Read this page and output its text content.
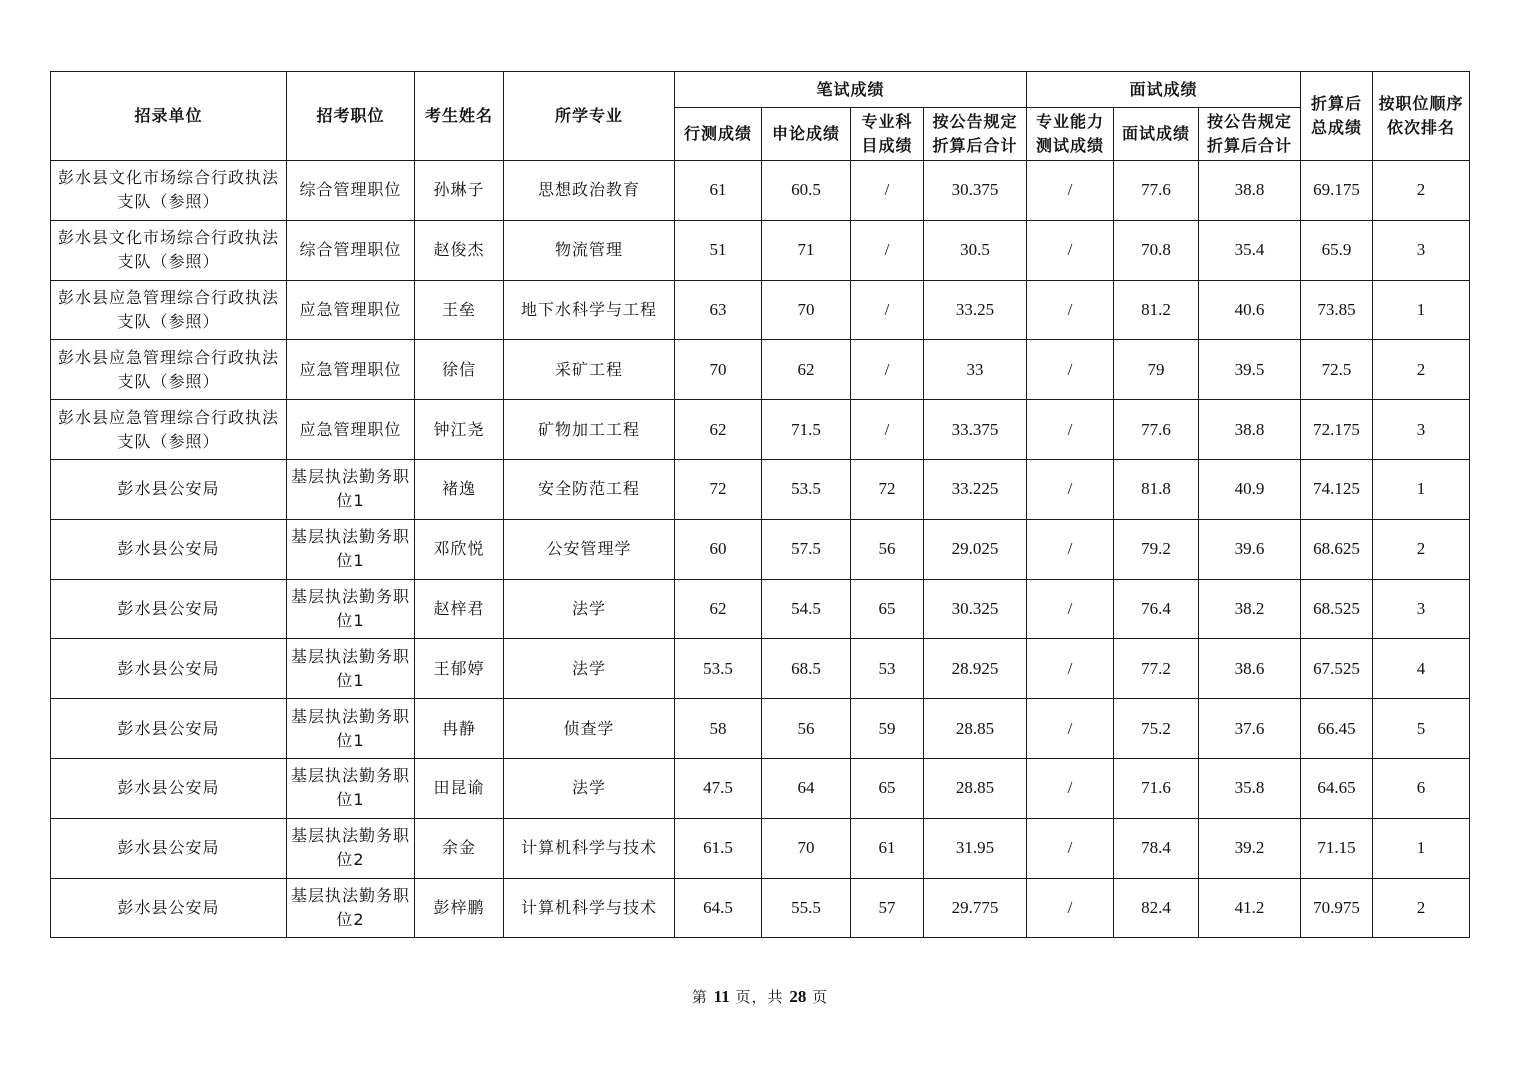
招录单位	招考职位	考生姓名	所学专业	笔试成绩				面试成绩			折算后总成绩	按职位顺序依次排名
				行测成绩	申论成绩	专业科目成绩	按公告规定折算后合计	专业能力测试成绩	面试成绩	按公告规定折算后合计		
彭水县文化市场综合行政执法支队（参照）	综合管理职位	孙琳子	思想政治教育	61	60.5	/	30.375	/	77.6	38.8	69.175	2
彭水县文化市场综合行政执法支队（参照）	综合管理职位	赵俊杰	物流管理	51	71	/	30.5	/	70.8	35.4	65.9	3
彭水县应急管理综合行政执法支队（参照）	应急管理职位	王垒	地下水科学与工程	63	70	/	33.25	/	81.2	40.6	73.85	1
彭水县应急管理综合行政执法支队（参照）	应急管理职位	徐信	采矿工程	70	62	/	33	/	79	39.5	72.5	2
彭水县应急管理综合行政执法支队（参照）	应急管理职位	钟江尧	矿物加工工程	62	71.5	/	33.375	/	77.6	38.8	72.175	3
彭水县公安局	基层执法勤务职位1	褚逸	安全防范工程	72	53.5	72	33.225	/	81.8	40.9	74.125	1
彭水县公安局	基层执法勤务职位1	邓欣悦	公安管理学	60	57.5	56	29.025	/	79.2	39.6	68.625	2
彭水县公安局	基层执法勤务职位1	赵梓君	法学	62	54.5	65	30.325	/	76.4	38.2	68.525	3
彭水县公安局	基层执法勤务职位1	王郁婷	法学	53.5	68.5	53	28.925	/	77.2	38.6	67.525	4
彭水县公安局	基层执法勤务职位1	冉静	侦查学	58	56	59	28.85	/	75.2	37.6	66.45	5
彭水县公安局	基层执法勤务职位1	田昆谕	法学	47.5	64	65	28.85	/	71.6	35.8	64.65	6
彭水县公安局	基层执法勤务职位2	余金	计算机科学与技术	61.5	70	61	31.95	/	78.4	39.2	71.15	1
彭水县公安局	基层执法勤务职位2	彭梓鹏	计算机科学与技术	64.5	55.5	57	29.775	/	82.4	41.2	70.975	2
第 11 页，共 28 页
